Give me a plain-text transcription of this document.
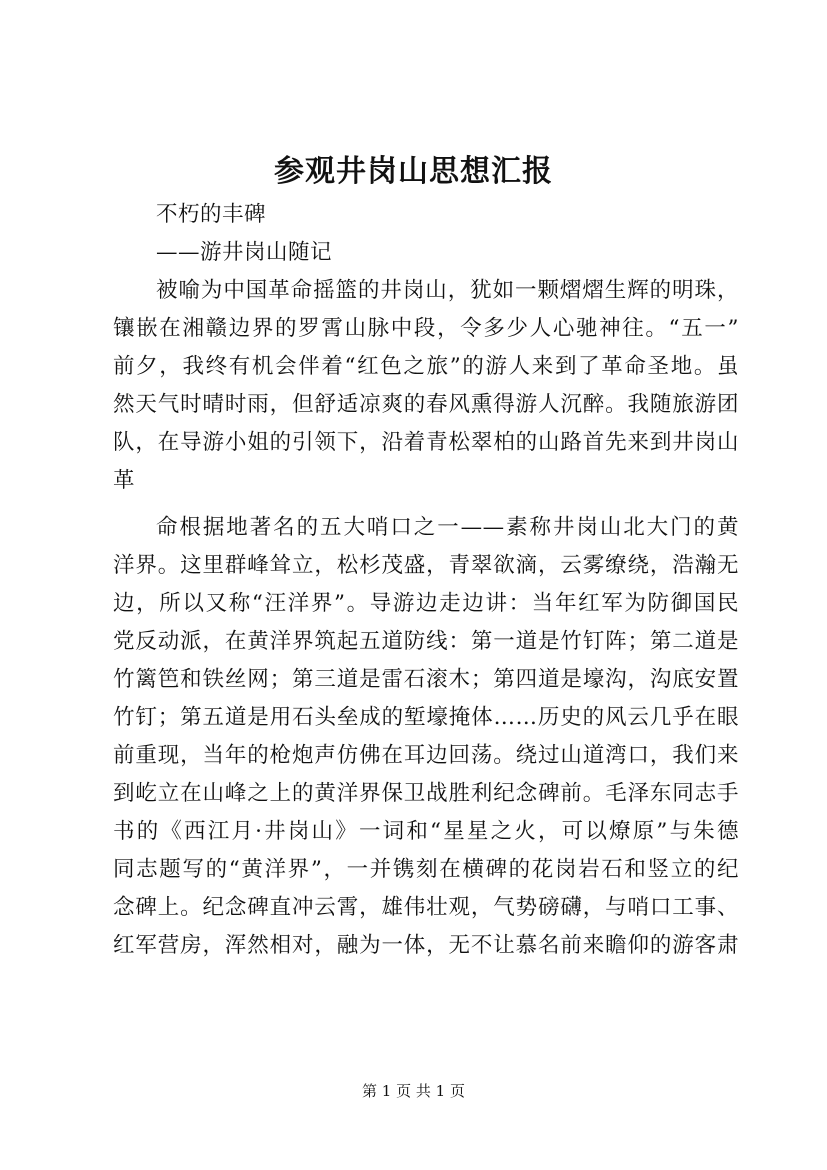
参观井岗山思想汇报
不朽的丰碑
——游井岗山随记
被喻为中国革命摇篮的井岗山，犹如一颗熠熠生辉的明珠，
镶嵌在湘赣边界的罗霄山脉中段，令多少人心驰神往。“五一”
前夕，我终有机会伴着“红色之旅”的游人来到了革命圣地。虽
然天气时晴时雨，但舒适凉爽的春风熏得游人沉醉。我随旅游团
队，在导游小姐的引领下，沿着青松翠柏的山路首先来到井岗山
革
命根据地著名的五大哨口之一——素称井岗山北大门的黄
洋界。这里群峰耸立，松杉茂盛，青翠欲滴，云雾缭绕，浩瀚无
边，所以又称“汪洋界”。导游边走边讲：当年红军为防御国民
党反动派，在黄洋界筑起五道防线：第一道是竹钉阵；第二道是
竹篱笆和铁丝网；第三道是雷石滚木；第四道是壕沟，沟底安置
竹钉；第五道是用石头垒成的堑壕掩体……历史的风云几乎在眼
前重现，当年的枪炮声仿佛在耳边回荡。绕过山道湾口，我们来
到屹立在山峰之上的黄洋界保卫战胜利纪念碑前。毛泽东同志手
书的《西江月·井岗山》一词和“星星之火，可以燎原”与朱德
同志题写的“黄洋界”，一并镌刻在横碑的花岗岩石和竖立的纪
念碑上。纪念碑直冲云霄，雄伟壮观，气势磅礴，与哨口工事、
红军营房，浑然相对，融为一体，无不让慕名前来瞻仰的游客肃
第 1 页 共 1 页
